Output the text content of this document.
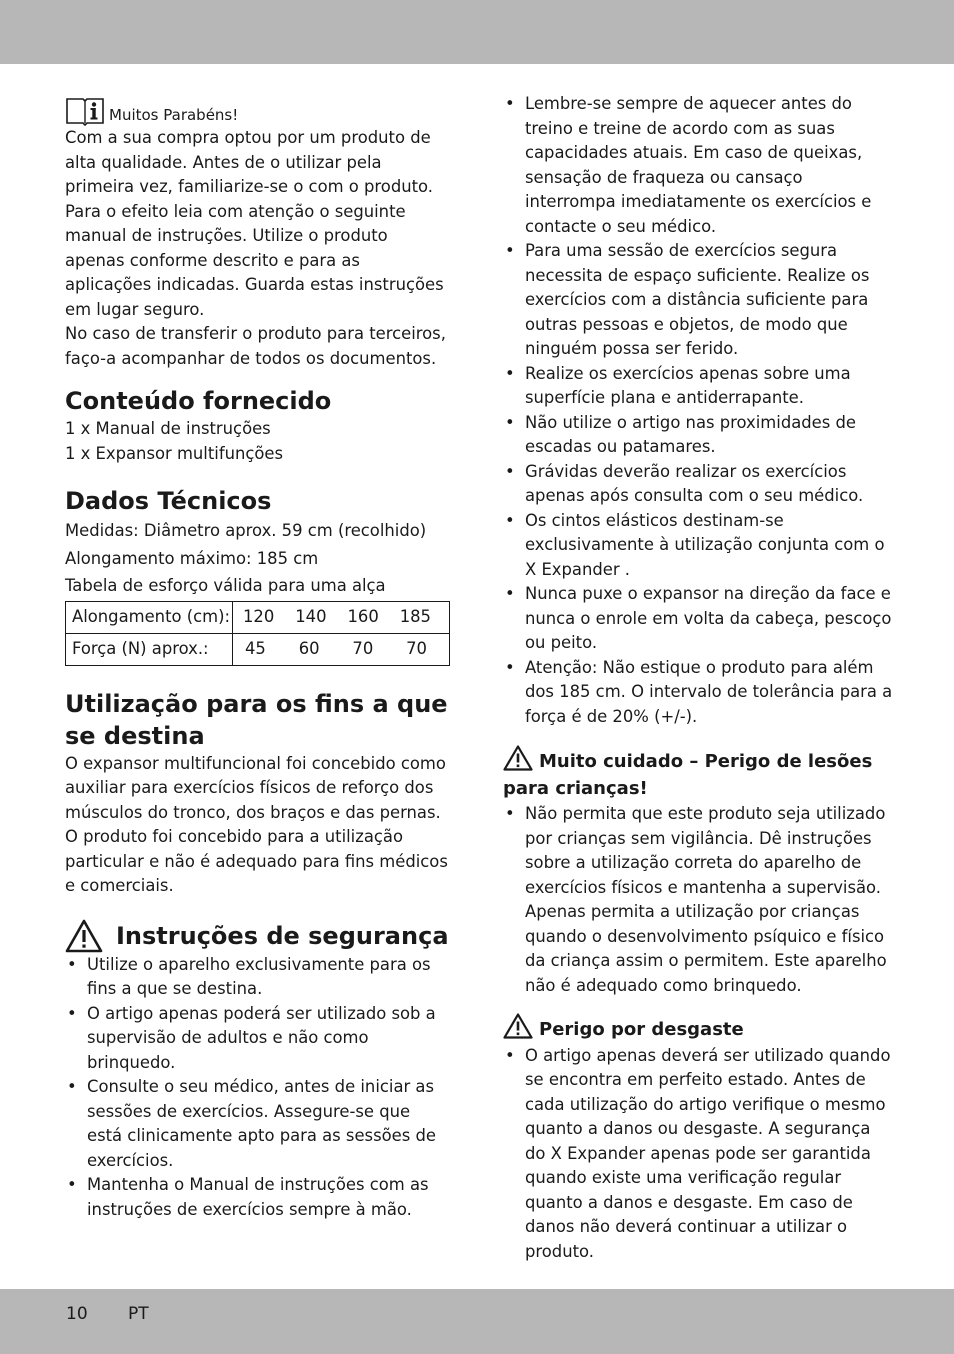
Muitos Parabéns!

Com a sua compra optou por um produto de alta qualidade. Antes de o utilizar pela primeira vez, familiarize-se o com o produto. Para o efeito leia com atenção o seguinte manual de instruções. Utilize o produto apenas conforme descrito e para as aplicações indicadas. Guarda estas instruções em lugar seguro.

No caso de transferir o produto para terceiros, faço-a acompanhar de todos os documentos.

Conteúdo fornecido

1 x Manual de instruções

1 x Expansor multifunções

Dados Técnicos

Medidas: Diâmetro aprox. 59 cm (recolhido)

Alongamento máximo: 185 cm

Tabela de esforço válida para uma alça

Alongamento (cm):	120 140 160 185

Força (N) aprox.:	45 60 70 70
Utilização para os fins a que se destina

O expansor multifuncional foi concebido como auxiliar para exercícios físicos de reforço dos músculos do tronco, dos braços e das pernas. O produto foi concebido para a utilização particular e não é adequado para fins médicos e comerciais.

Instruções de segurança
• Utilize o aparelho exclusivamente para os fins a que se destina.
• O artigo apenas poderá ser utilizado sob a supervisão de adultos e não como brinquedo.
• Consulte o seu médico, antes de iniciar as sessões de exercícios. Assegure-se que está clinicamente apto para as sessões de exercícios.
• Mantenha o Manual de instruções com as instruções de exercícios sempre à mão.
• Lembre-se sempre de aquecer antes do treino e treine de acordo com as suas capacidades atuais. Em caso de queixas, sensação de fraqueza ou cansaço interrompa imediatamente os exercícios e contacte o seu médico.
• Para uma sessão de exercícios segura necessita de espaço suficiente. Realize os exercícios com a distância suficiente para outras pessoas e objetos, de modo que ninguém possa ser ferido.
• Realize os exercícios apenas sobre uma superfície plana e antiderrapante.
• Não utilize o artigo nas proximidades de escadas ou patamares.
• Grávidas deverão realizar os exercícios apenas após consulta com o seu médico.
• Os cintos elásticos destinam-se exclusivamente à utilização conjunta com o X Expander .
• Nunca puxe o expansor na direção da face e nunca o enrole em volta da cabeça, pescoço ou peito.
• Atenção: Não estique o produto para além dos 185 cm. O intervalo de tolerância para a força é de 20% (+/-).

Muito cuidado – Perigo de lesões para crianças!

• Não permita que este produto seja utilizado por crianças sem vigilância. Dê instruções sobre a utilização correta do aparelho de exercícios físicos e mantenha a supervisão. Apenas permita a utilização por crianças quando o desenvolvimento psíquico e físico da criança assim o permitem. Este aparelho não é adequado como brinquedo.

Perigo por desgaste

• O artigo apenas deverá ser utilizado quando se encontra em perfeito estado. Antes de cada utilização do artigo verifique o mesmo quanto a danos ou desgaste. A segurança do X Expander apenas pode ser garantida quando existe uma verificação regular quanto a danos e desgaste. Em caso de danos não deverá continuar a utilizar o produto.
10 PT
